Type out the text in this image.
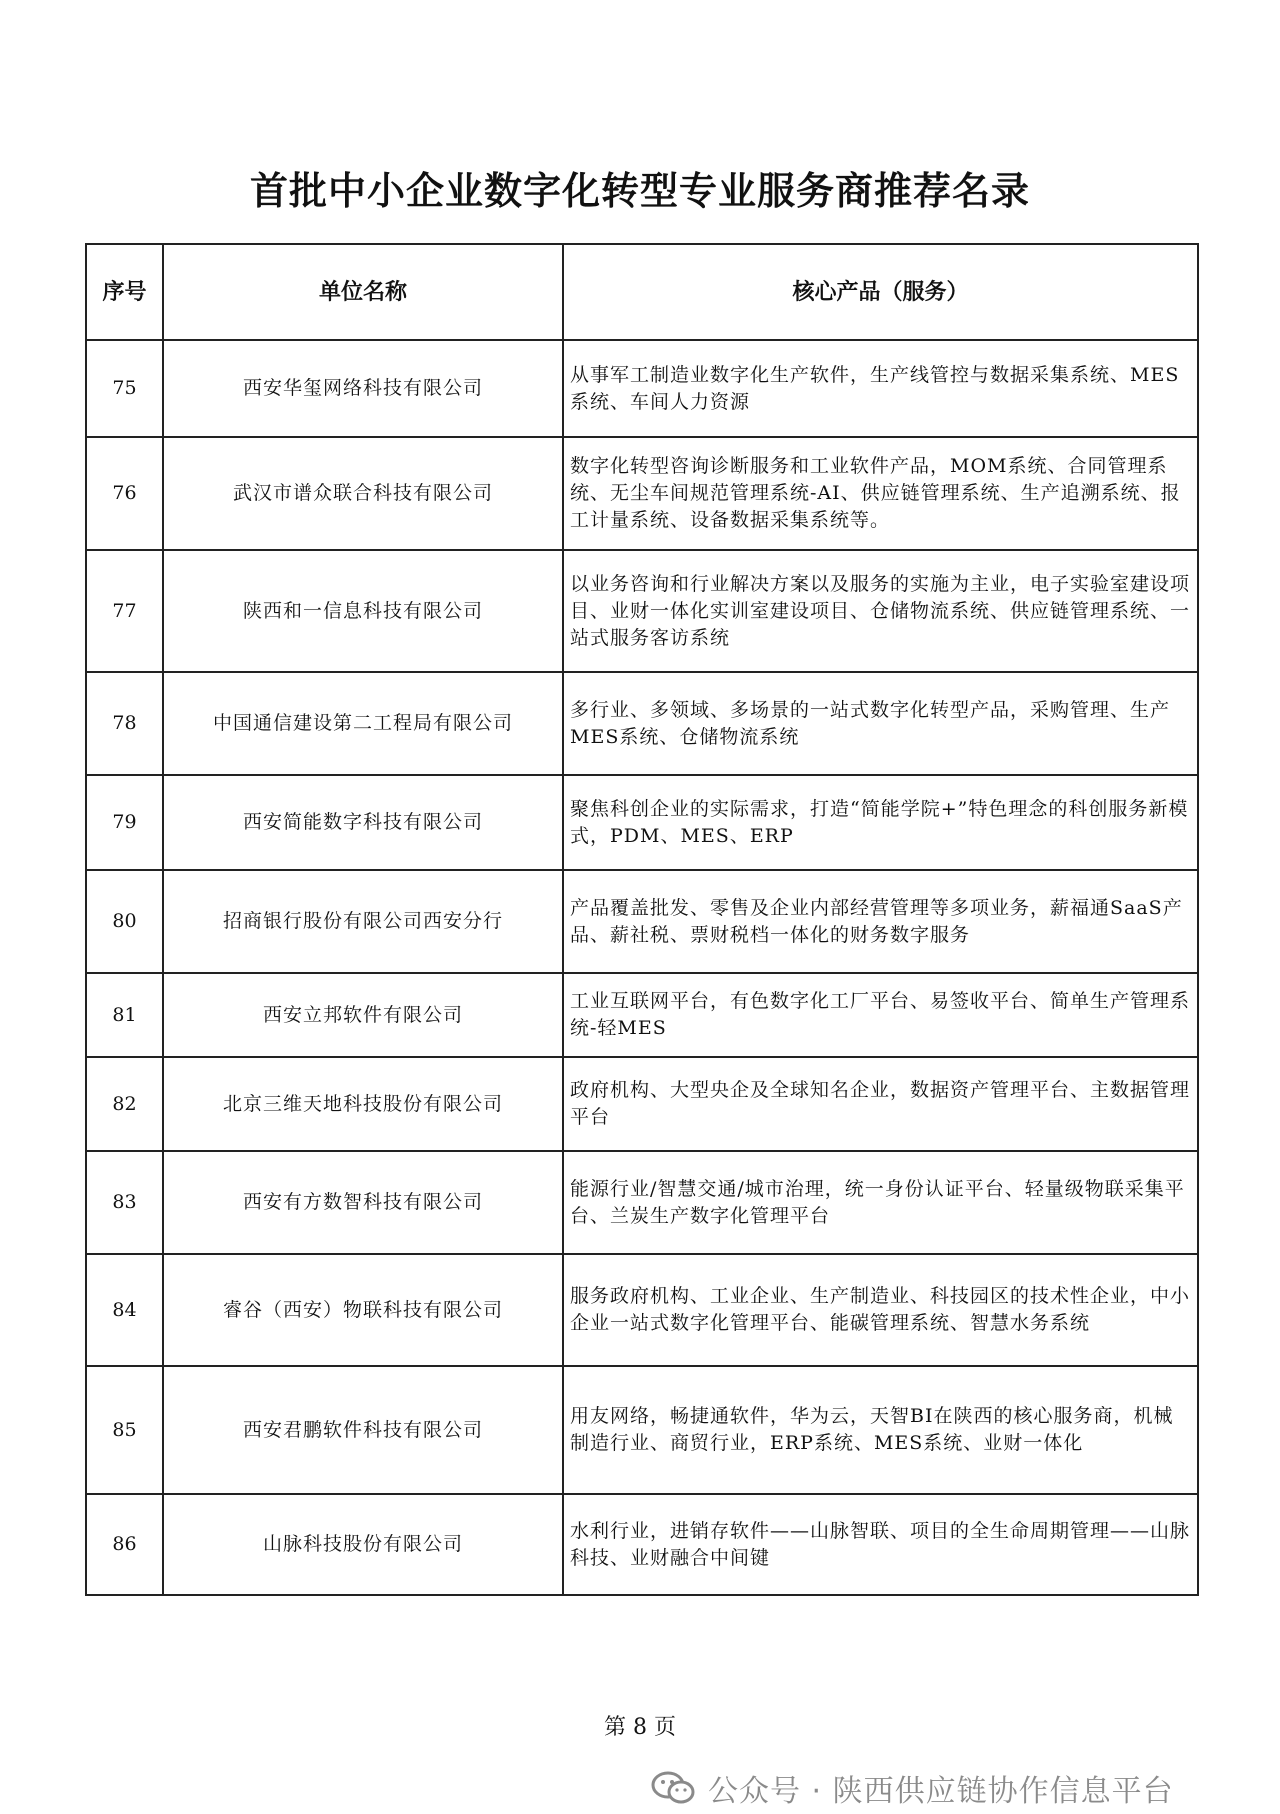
首批中小企业数字化转型专业服务商推荐名录
序号	单位名称	核心产品（服务）
75	西安华玺网络科技有限公司	从事军工制造业数字化生产软件，生产线管控与数据采集系统、MES系统、车间人力资源
76	武汉市谱众联合科技有限公司	数字化转型咨询诊断服务和工业软件产品，MOM系统、合同管理系统、无尘车间规范管理系统-AI、供应链管理系统、生产追溯系统、报工计量系统、设备数据采集系统等。
77	陕西和一信息科技有限公司	以业务咨询和行业解决方案以及服务的实施为主业，电子实验室建设项目、业财一体化实训室建设项目、仓储物流系统、供应链管理系统、一站式服务客访系统
78	中国通信建设第二工程局有限公司	多行业、多领域、多场景的一站式数字化转型产品，采购管理、生产MES系统、仓储物流系统
79	西安简能数字科技有限公司	聚焦科创企业的实际需求，打造“简能学院+”特色理念的科创服务新模式，PDM、MES、ERP
80	招商银行股份有限公司西安分行	产品覆盖批发、零售及企业内部经营管理等多项业务，薪福通SaaS产品、薪社税、票财税档一体化的财务数字服务
81	西安立邦软件有限公司	工业互联网平台，有色数字化工厂平台、易签收平台、简单生产管理系统-轻MES
82	北京三维天地科技股份有限公司	政府机构、大型央企及全球知名企业，数据资产管理平台、主数据管理平台
83	西安有方数智科技有限公司	能源行业/智慧交通/城市治理，统一身份认证平台、轻量级物联采集平台、兰炭生产数字化管理平台
84	睿谷（西安）物联科技有限公司	服务政府机构、工业企业、生产制造业、科技园区的技术性企业，中小企业一站式数字化管理平台、能碳管理系统、智慧水务系统
85	西安君鹏软件科技有限公司	用友网络，畅捷通软件，华为云，天智BI在陕西的核心服务商，机械制造行业、商贸行业，ERP系统、MES系统、业财一体化
86	山脉科技股份有限公司	水利行业，进销存软件——山脉智联、项目的全生命周期管理——山脉科技、业财融合中间键
第 8 页
公众号 · 陕西供应链协作信息平台
